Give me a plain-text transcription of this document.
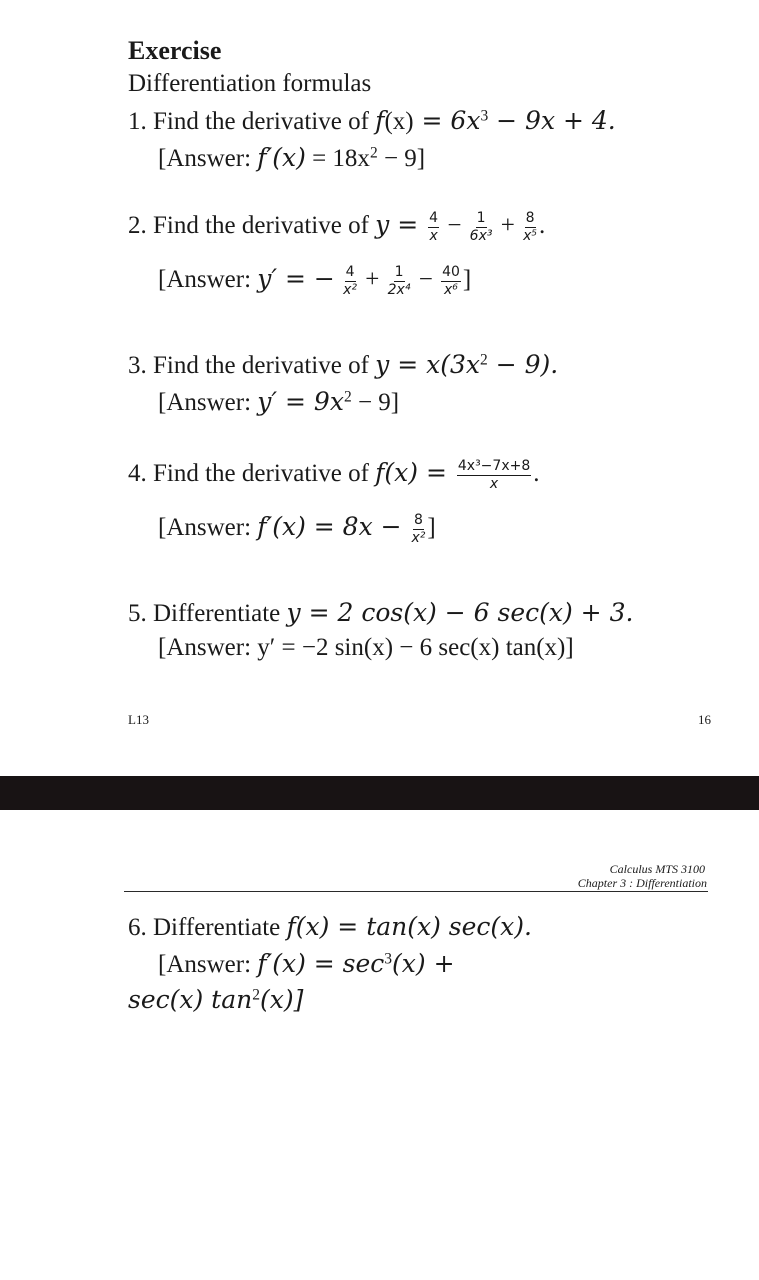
Exercise
Differentiation formulas
1. Find the derivative of $f(x) = 6x^3 - 9x + 4$.
[Answer: $f'(x) = 18x^2 - 9$]
2. Find the derivative of $y = \frac{4}{x} - \frac{1}{\text{6x³}} + \frac{8}{\text{x⁵}}$ .
[Answer: y′ = − $\frac{4}{\text{x²}} + \frac{1}{\text{2x⁴}} - \frac{40}{\text{x⁶}}$ ]
3. Find the derivative of $y = x(3x^2 - 9)$.
[Answer: $y' = 9x^2 - 9$]
4. Find the derivative of $f(x) = \frac{\text{4x³−7x+8}}{x}$ .
[Answer: $f'(x) = 8x - \frac{8}{\text{x²}}$ ]
5. Differentiate y = 2 cos(x) − 6 sec(x) + 3.
[Answer: y′ = −2 sin(x) − 6 sec(x) tan(x)]
L13	16
Calculus MTS 3100
Chapter 3 : Differentiation
6. Differentiate f(x) = tan(x) sec(x).
[Answer: $f'(x) = \sec^3(x)$ +
sec(x) $\tan^2(x)$]
